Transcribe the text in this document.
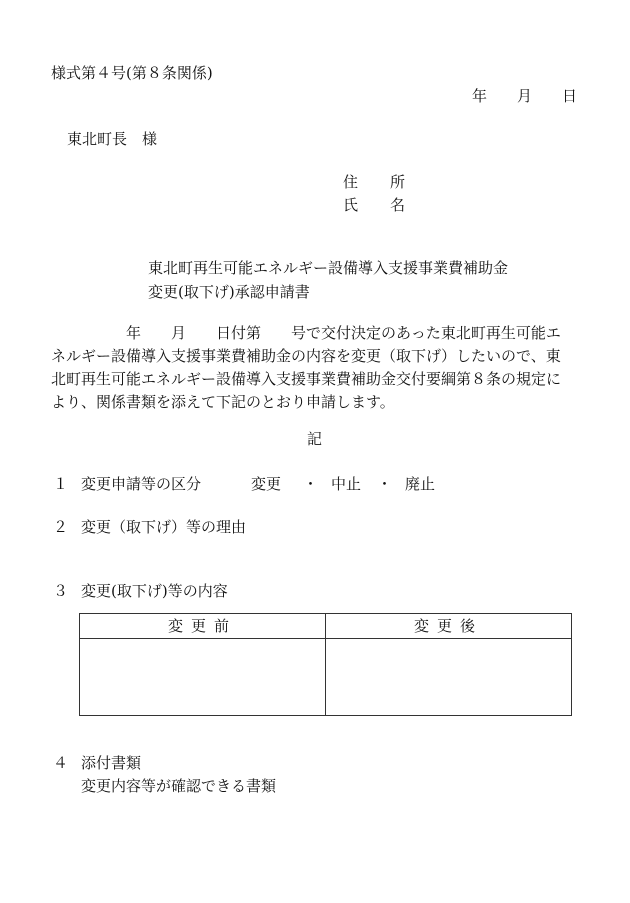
様式第４号(第８条関係)
年 月 日
東北町長　様
住 所
氏 名
東北町再生可能エネルギー設備導入支援事業費補助金
変更(取下げ)承認申請書
　　　　　年　　月　　日付第　　号で交付決定のあった東北町再生可能エ
ネルギー設備導入支援事業費補助金の内容を変更（取下げ）したいので、東
北町再生可能エネルギー設備導入支援事業費補助金交付要綱第８条の規定に
より、関係書類を添えて下記のとおり申請します。
記
１ 変更申請等の区分	変更 ・ 中止 ・ 廃止
２ 変更（取下げ）等の理由
３ 変更(取下げ)等の内容
変更前	変更後

４ 添付書類
変更内容等が確認できる書類
